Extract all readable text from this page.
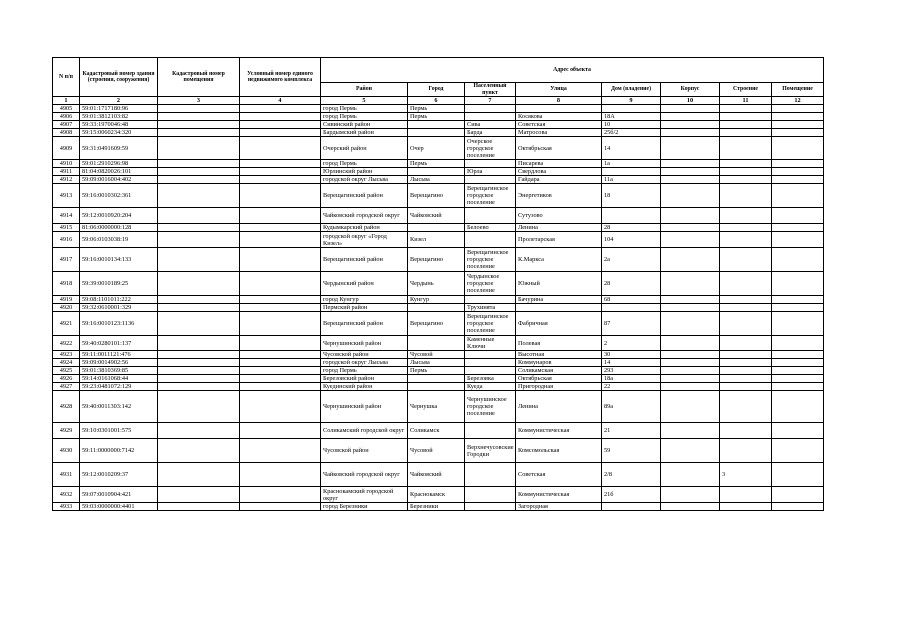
N п/п	Кадастровый номер здания (строения, сооружения)	Кадастровый номер помещения	Условный номер единого недвижимого комплекса	Адрес объекта							
				Район	Город	Населенный пункт	Улица	Дом (владение)	Корпус	Строение	Помещение
1	2	3	4	5	6	7	8	9	10	11	12
4905	59:01:1717180:96			город Пермь	Пермь						
4906	59:01:3812103:82			город Пермь	Пермь		Косякова	18А			
4907	59:33:1970046:48			Сивинский район		Сива	Советская	10			
4908	59:15:0060234:320			Бардымский район		Барда	Матросова	25б/2			
4909	59:31:0491609:59			Очерский район	Очер	Очерское городское поселение	Октябрьская	14			
4910	59:01:2910296:98			город Пермь	Пермь		Писарева	1а			
4911	81:04:0820026:101			Юрлинский район		Юрла	Свердлова				
4912	59:09:0016004:402			городской округ Лысьва	Лысьва		Гайдара	11а			
4913	59:16:0010302:361			Верещагинский район	Верещагино	Верещагинское городское поселение	Энергетиков	18			
4914	59:12:0010920:204			Чайковский городской округ	Чайковский		Сутузово				
4915	81:06:0000000:128			Кудымкарский район		Белоево	Ленина	28			
4916	59:06:0103038:19			городской округ «Город Кизел»	Кизел		Пролетарская	104			
4917	59:16:0010134:133			Верещагинский район	Верещагино	Верещагинское городское поселение	К.Маркса	2а			
4918	59:39:0010189:25			Чердынский район	Чердынь	Чердынское городское поселение	Южный	28			
4919	59:08:1101011:222			город Кунгур	Кунгур		Бачурина	68			
4920	59:32:0610001:329			Пермский район		Трухинята					
4921	59:16:0010123:1136			Верещагинский район	Верещагино	Верещагинское городское поселение	Фабричная	87			
4922	59:40:0280101:137			Чернушинский район		Каменные Ключи	Полевая	2			
4923	59:11:0011121:476			Чусовской район	Чусовой		Высотная	30			
4924	59:09:0014902:56			городской округ Лысьва	Лысьва		Коммунаров	14			
4925	59:01:3810369:85			город Пермь	Пермь		Соликамская	293			
4926	59:14:0161068:44			Березовский район		Березовка	Октябрьская	18а			
4927	59:23:0481072:129			Куединский район		Куеда	Пригородная	22			
4928	59:40:0011303:142			Чернушинский район	Чернушка	Чернушинское городское поселение	Ленина	89а			
4929	59:10:0301001:575			Соликамский городской округ	Соликамск		Коммунистическая	21			
4930	59:11:0000000:7142			Чусовской район	Чусовой	Верхнечусовские Городки	Комсомольская	59			
4931	59:12:0010209:37			Чайковский городской округ	Чайковский		Советская	2/8		3	
4932	59:07:0010904:421			Краснокамский городской округ	Краснокамск		Коммунистическая	21б			
4933	59:03:0000000:4401			город Березники	Березники		Загородная				
